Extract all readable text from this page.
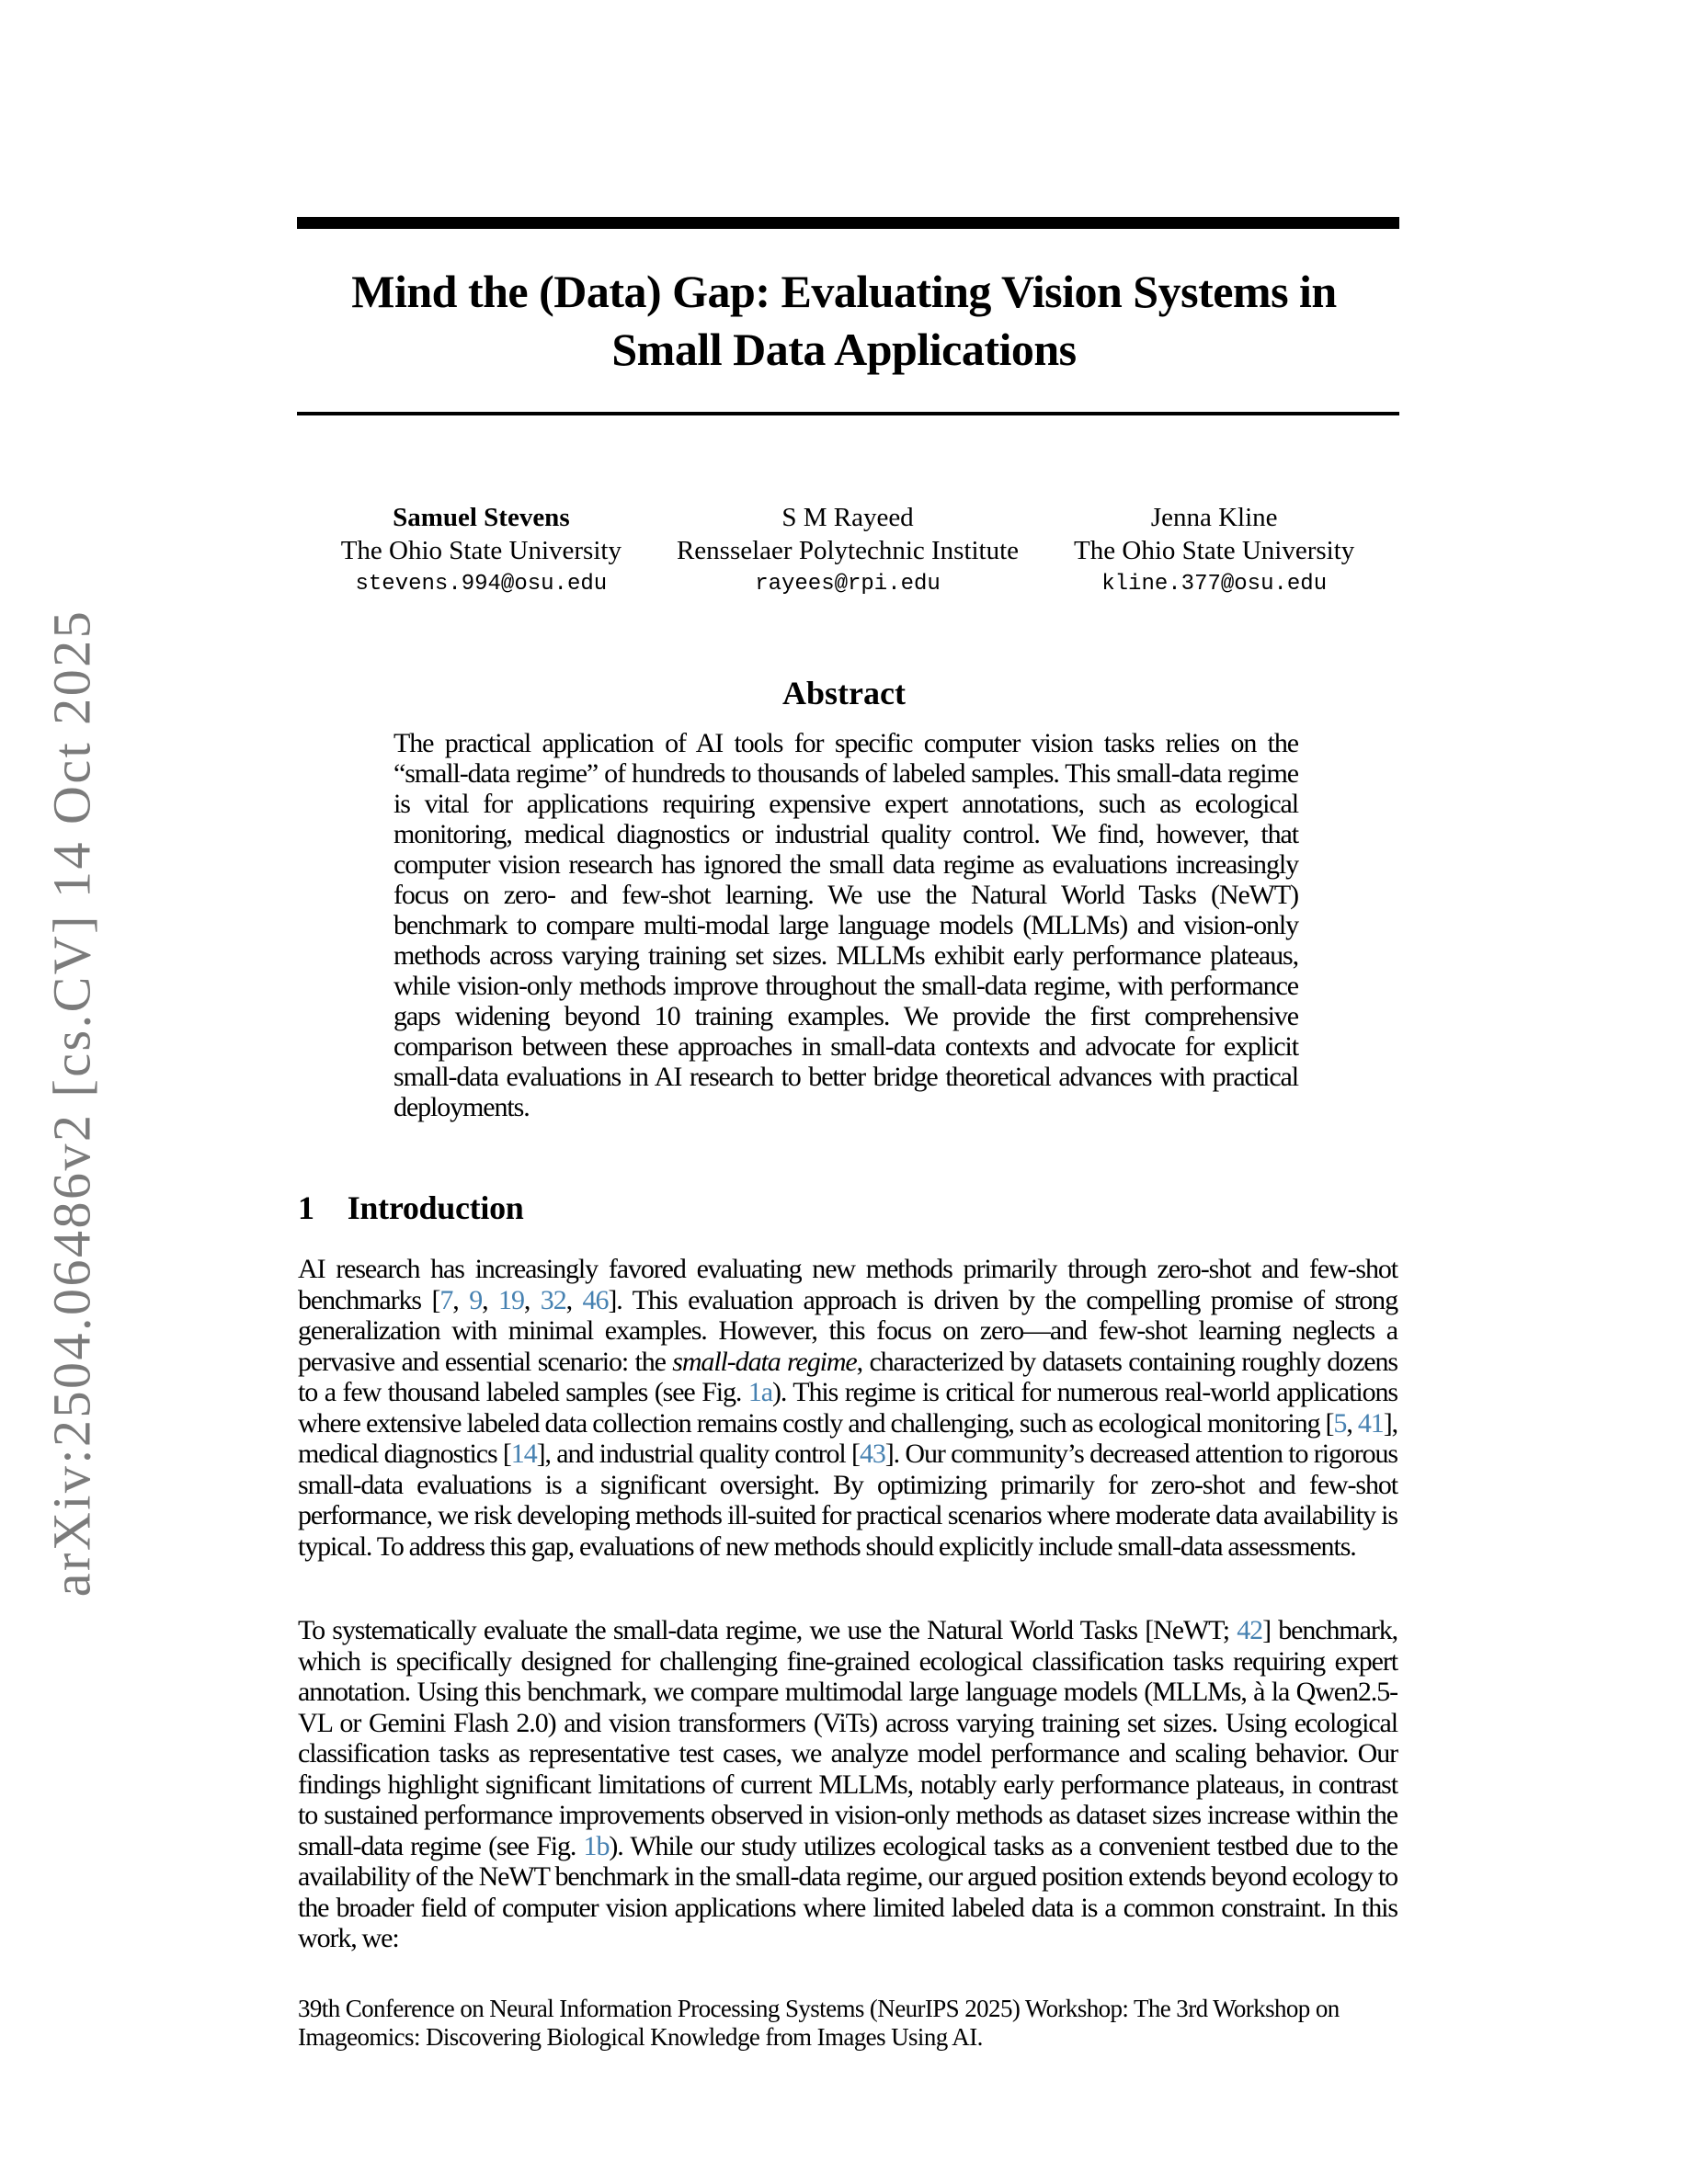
arXiv:2504.06486v2 [cs.CV] 14 Oct 2025
Mind the (Data) Gap: Evaluating Vision Systems in
Small Data Applications
Samuel Stevens
The Ohio State University
stevens.994@osu.edu
S M Rayeed
Rensselaer Polytechnic Institute
rayees@rpi.edu
Jenna Kline
The Ohio State University
kline.377@osu.edu
Abstract
The practical application of AI tools for specific computer vision tasks relies on the “small-data regime” of hundreds to thousands of labeled samples. This small-data regime is vital for applications requiring expensive expert annotations, such as ecological monitoring, medical diagnostics or industrial quality control. We find, however, that computer vision research has ignored the small data regime as evaluations increasingly focus on zero- and few-shot learning. We use the Natural World Tasks (NeWT) benchmark to compare multi-modal large language models (MLLMs) and vision-only methods across varying training set sizes. MLLMs exhibit early performance plateaus, while vision-only methods improve throughout the small-data regime, with performance gaps widening beyond 10 training examples. We provide the first comprehensive comparison between these approaches in small-data contexts and advocate for explicit small-data evaluations in AI research to better bridge theoretical advances with practical deployments.
1 Introduction
AI research has increasingly favored evaluating new methods primarily through zero-shot and few-shot benchmarks [7, 9, 19, 32, 46]. This evaluation approach is driven by the compelling promise of strong generalization with minimal examples. However, this focus on zero—and few-shot learning neglects a pervasive and essential scenario: the small-data regime, characterized by datasets containing roughly dozens to a few thousand labeled samples (see Fig. 1a). This regime is critical for numerous real-world applications where extensive labeled data collection remains costly and challenging, such as ecological monitoring [5, 41], medical diagnostics [14], and industrial quality control [43]. Our community’s decreased attention to rigorous small-data evaluations is a significant oversight. By optimizing primarily for zero-shot and few-shot performance, we risk developing methods ill-suited for practical scenarios where moderate data availability is typical. To address this gap, evaluations of new methods should explicitly include small-data assessments.
To systematically evaluate the small-data regime, we use the Natural World Tasks [NeWT; 42] benchmark, which is specifically designed for challenging fine-grained ecological classification tasks requiring expert annotation. Using this benchmark, we compare multimodal large language models (MLLMs, à la Qwen2.5-VL or Gemini Flash 2.0) and vision transformers (ViTs) across varying training set sizes. Using ecological classification tasks as representative test cases, we analyze model performance and scaling behavior. Our findings highlight significant limitations of current MLLMs, notably early performance plateaus, in contrast to sustained performance improvements observed in vision-only methods as dataset sizes increase within the small-data regime (see Fig. 1b). While our study utilizes ecological tasks as a convenient testbed due to the availability of the NeWT benchmark in the small-data regime, our argued position extends beyond ecology to the broader field of computer vision applications where limited labeled data is a common constraint. In this work, we:
39th Conference on Neural Information Processing Systems (NeurIPS 2025) Workshop: The 3rd Workshop on Imageomics: Discovering Biological Knowledge from Images Using AI.
